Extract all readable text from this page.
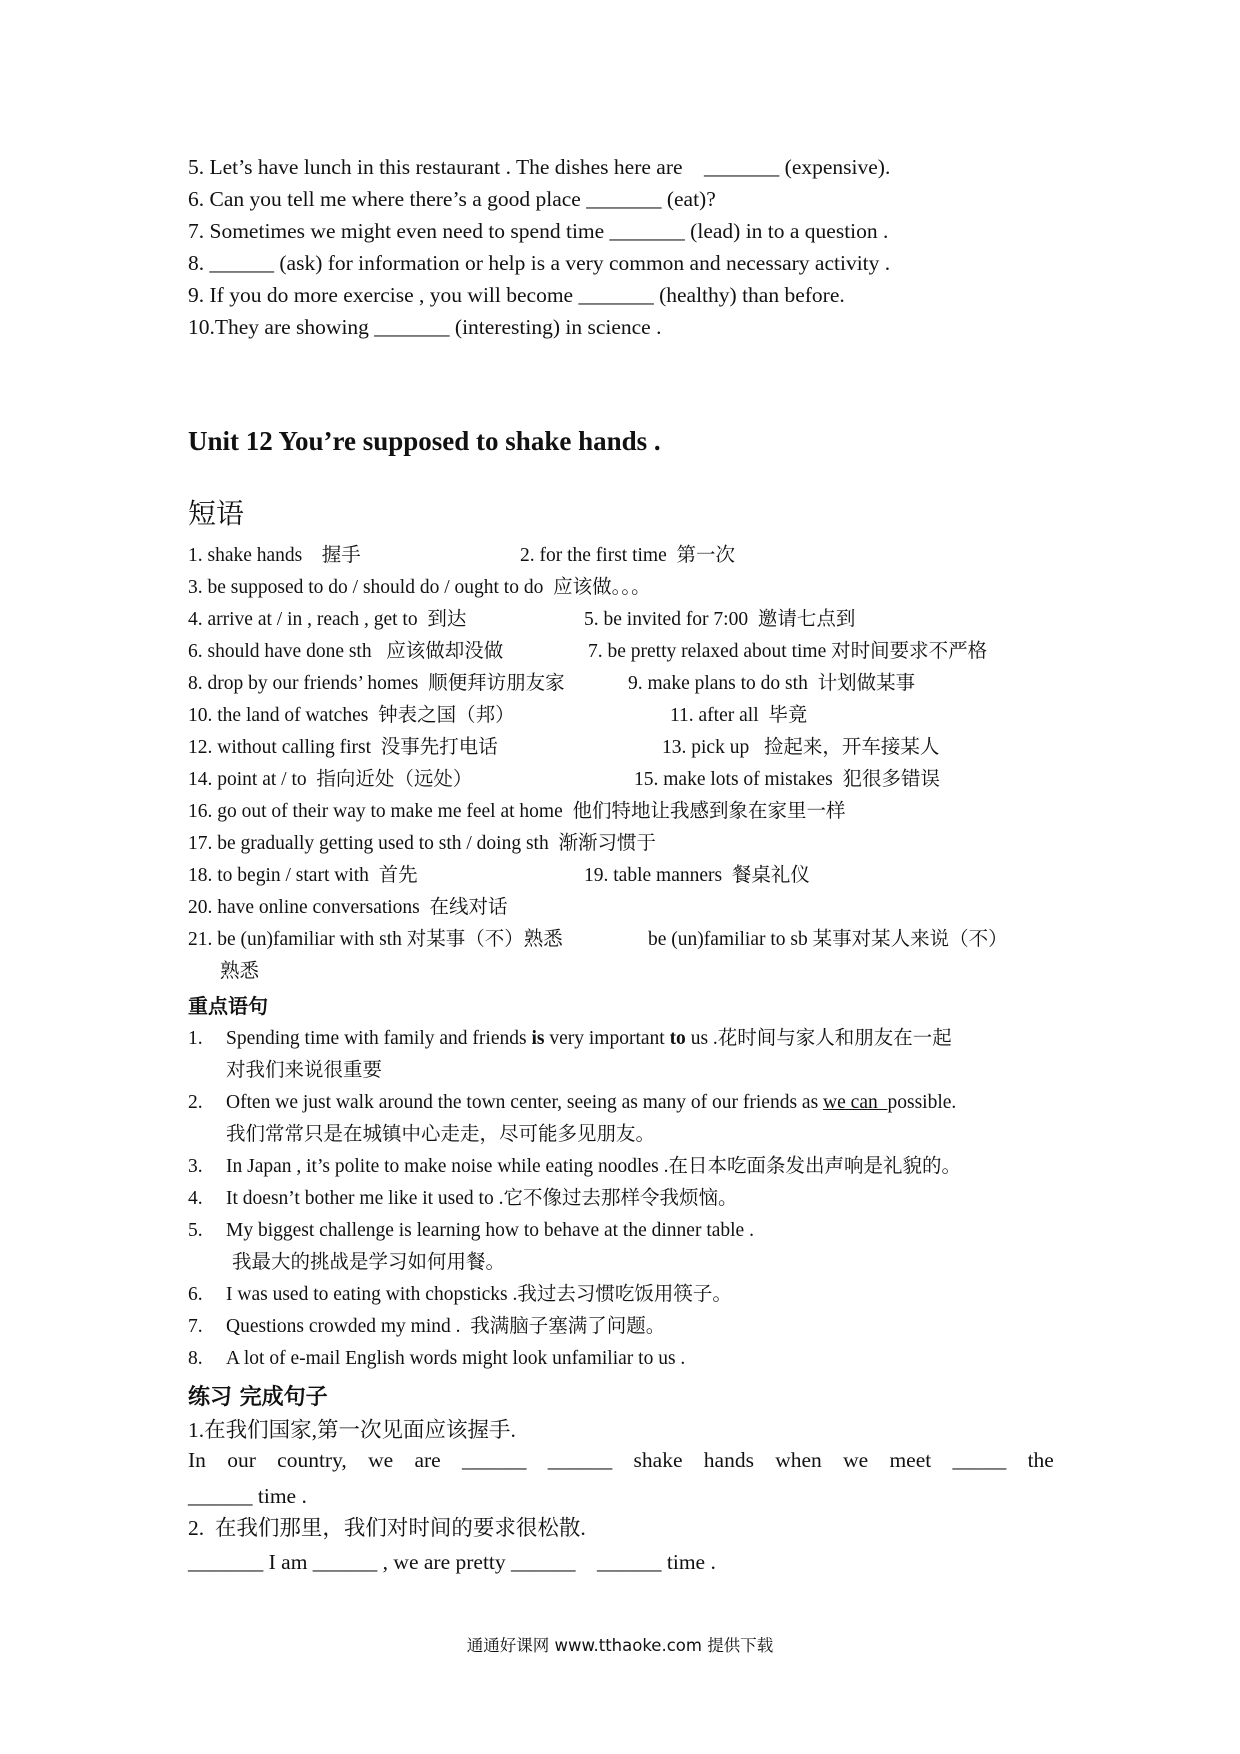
5. Let’s have lunch in this restaurant . The dishes here are    _______ (expensive).
6. Can you tell me where there’s a good place _______ (eat)?
7. Sometimes we might even need to spend time _______ (lead) in to a question .
8. ______ (ask) for information or help is a very common and necessary activity .
9. If you do more exercise , you will become _______ (healthy) than before.
10.They are showing _______ (interesting) in science .
Unit 12 You’re supposed to shake hands .
短语
1. shake hands    握手	2. for the first time  第一次
3. be supposed to do / should do / ought to do  应该做。。。
4. arrive at / in , reach , get to  到达	5. be invited for 7:00  邀请七点到
6. should have done sth   应该做却没做	7. be pretty relaxed about time 对时间要求不严格
8. drop by our friends’ homes  顺便拜访朋友家	9. make plans to do sth  计划做某事
10. the land of watches  钟表之国（邦）	11. after all  毕竟
12. without calling first  没事先打电话	13. pick up   捡起来，开车接某人
14. point at / to  指向近处（远处）	15. make lots of mistakes  犯很多错误
16. go out of their way to make me feel at home  他们特地让我感到象在家里一样
17. be gradually getting used to sth / doing sth  渐渐习惯于
18. to begin / start with  首先	19. table manners  餐桌礼仪
20. have online conversations  在线对话
21. be (un)familiar with sth 对某事（不）熟悉	be (un)familiar to sb 某事对某人来说（不）
熟悉
重点语句
1. Spending time with family and friends is very important to us .花时间与家人和朋友在一起
对我们来说很重要
2. Often we just walk around the town center, seeing as many of our friends as we can  possible.
我们常常只是在城镇中心走走，尽可能多见朋友。
3. In Japan , it’s polite to make noise while eating noodles .在日本吃面条发出声响是礼貌的。
4. It doesn’t bother me like it used to .它不像过去那样令我烦恼。
5. My biggest challenge is learning how to behave at the dinner table .
我最大的挑战是学习如何用餐。
6. I was used to eating with chopsticks .我过去习惯吃饭用筷子。
7. Questions crowded my mind .  我满脑子塞满了问题。
8. A lot of e-mail English words might look unfamiliar to us .
练习 完成句子
1.在我们国家,第一次见面应该握手.
In our country, we are ______ ______ shake hands when we meet _____ the
______ time .
2.  在我们那里，我们对时间的要求很松散.
_______ I am ______ , we are pretty ______    ______ time .
通通好课网 www.tthaoke.com 提供下载
